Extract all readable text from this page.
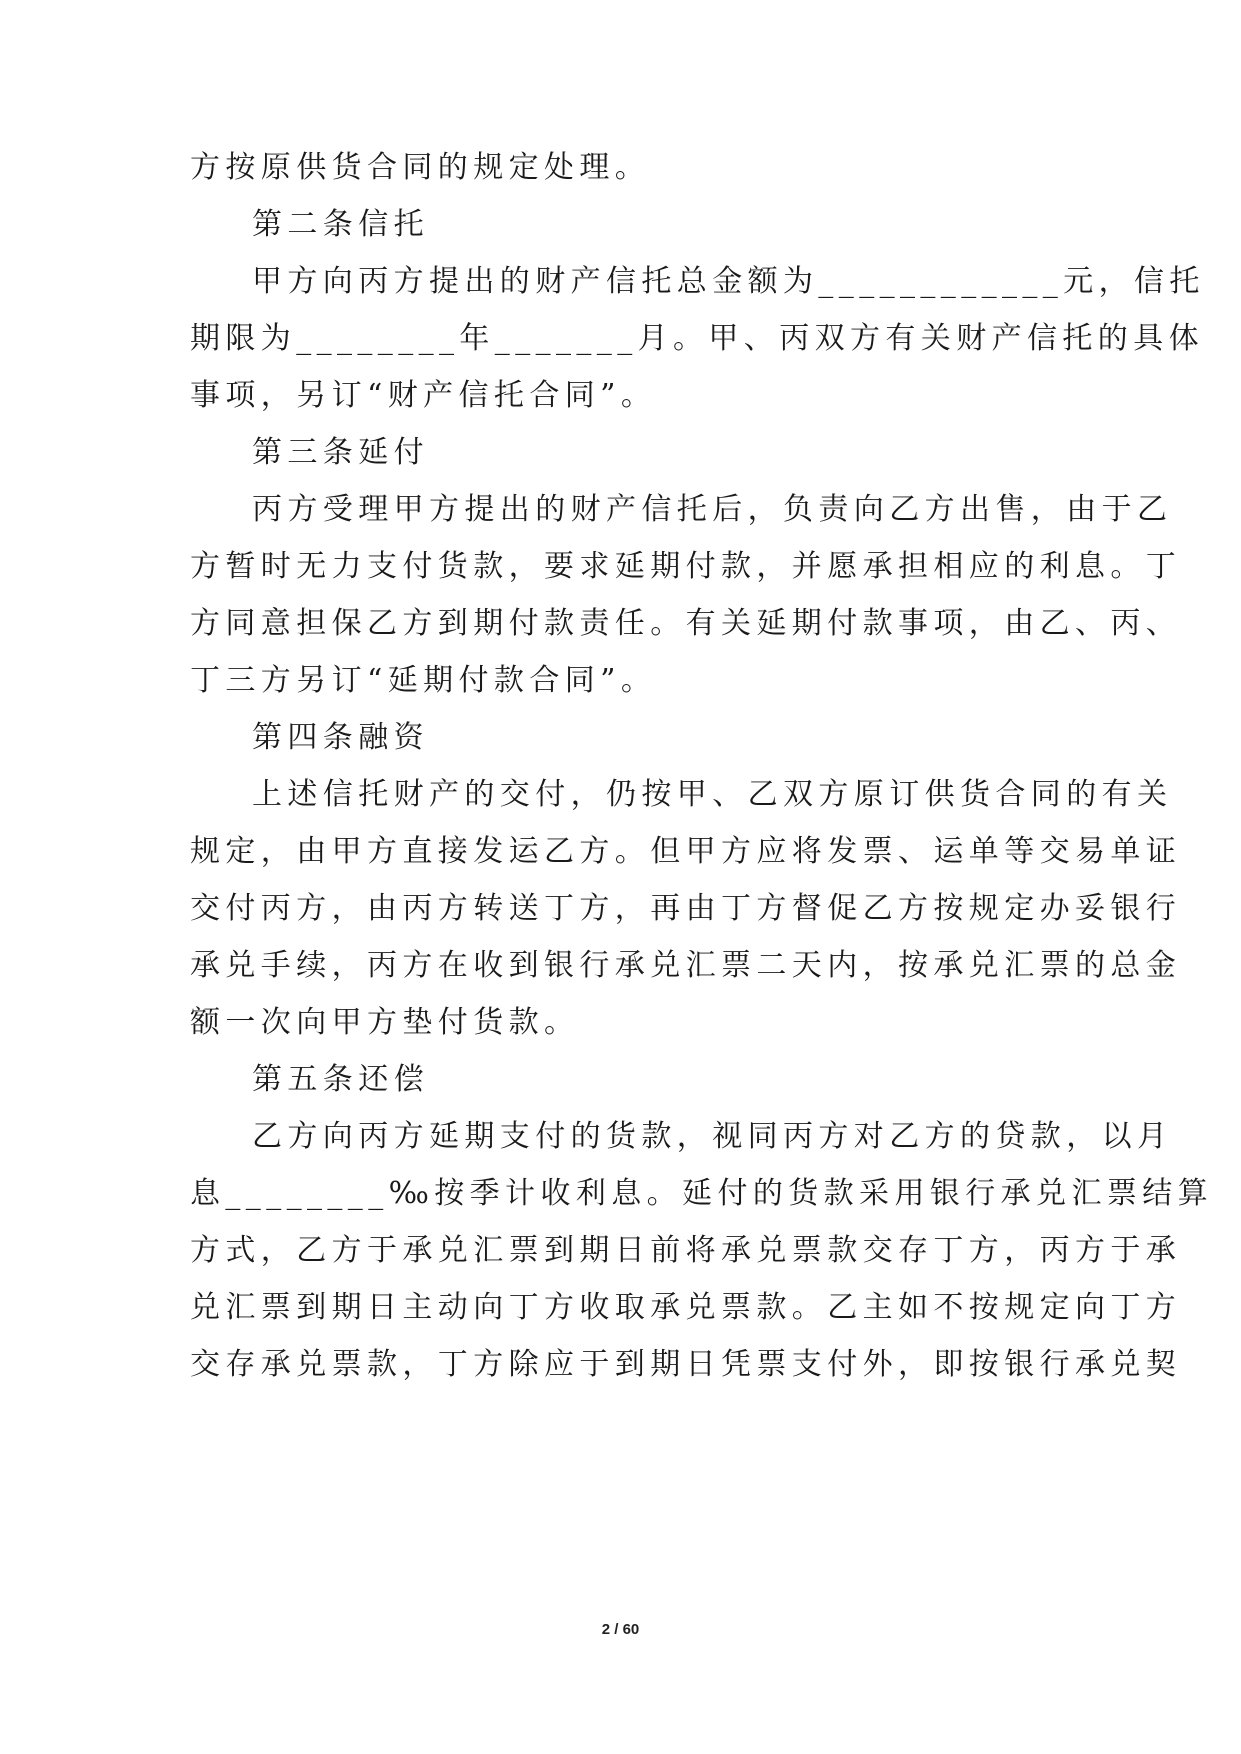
方按原供货合同的规定处理。
第二条信托
甲方向丙方提出的财产信托总金额为____________元，信托
期限为________年_______月。甲、丙双方有关财产信托的具体
事项，另订“财产信托合同”。
第三条延付
丙方受理甲方提出的财产信托后，负责向乙方出售，由于乙
方暂时无力支付货款，要求延期付款，并愿承担相应的利息。丁
方同意担保乙方到期付款责任。有关延期付款事项，由乙、丙、
丁三方另订“延期付款合同”。
第四条融资
上述信托财产的交付，仍按甲、乙双方原订供货合同的有关
规定，由甲方直接发运乙方。但甲方应将发票、运单等交易单证
交付丙方，由丙方转送丁方，再由丁方督促乙方按规定办妥银行
承兑手续，丙方在收到银行承兑汇票二天内，按承兑汇票的总金
额一次向甲方垫付货款。
第五条还偿
乙方向丙方延期支付的货款，视同丙方对乙方的贷款，以月
息________‰按季计收利息。延付的货款采用银行承兑汇票结算
方式，乙方于承兑汇票到期日前将承兑票款交存丁方，丙方于承
兑汇票到期日主动向丁方收取承兑票款。乙主如不按规定向丁方
交存承兑票款，丁方除应于到期日凭票支付外，即按银行承兑契
2 / 60
